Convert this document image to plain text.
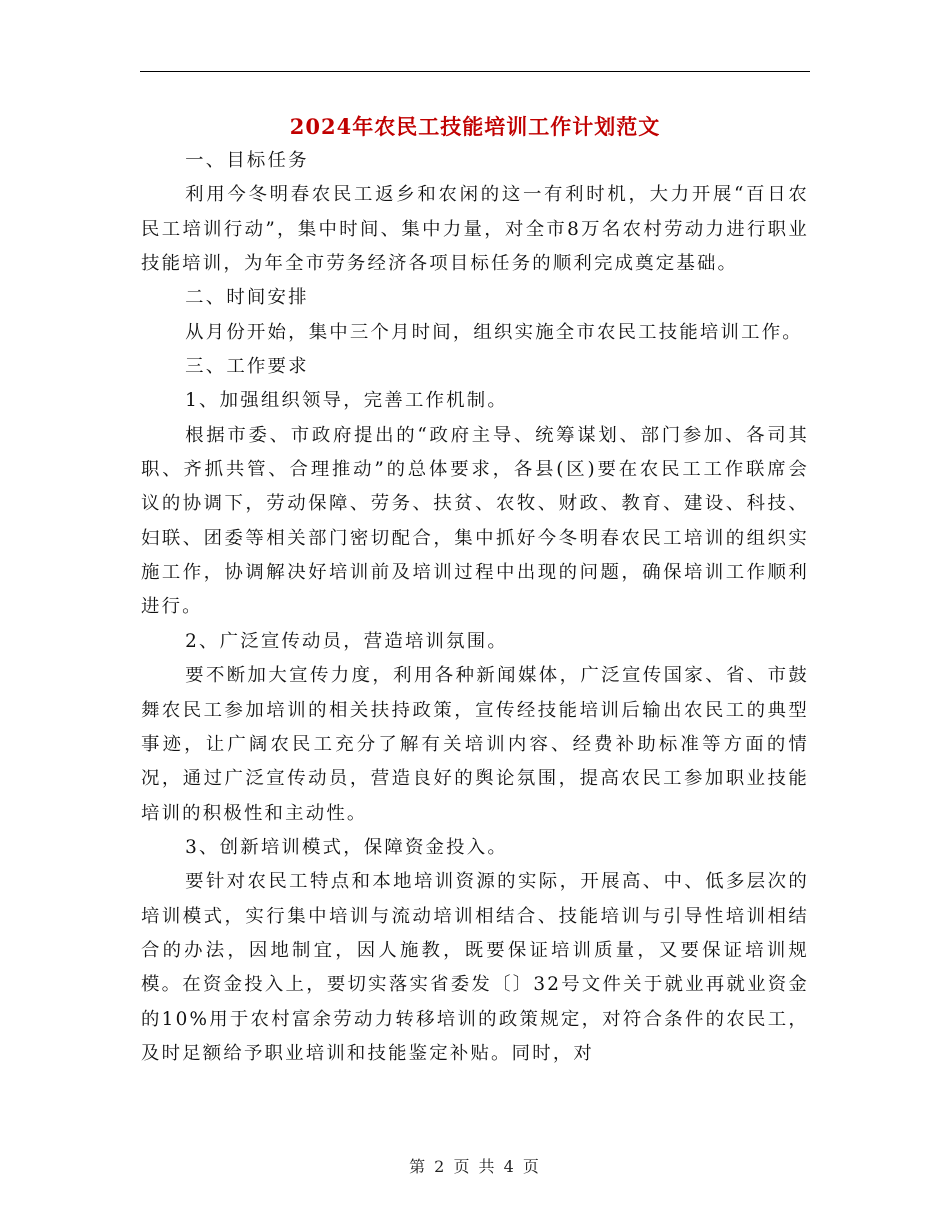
2024年农民工技能培训工作计划范文

一、目标任务

利用今冬明春农民工返乡和农闲的这一有利时机，大力开展“百日农民工培训行动”，集中时间、集中力量，对全市8万名农村劳动力进行职业技能培训，为年全市劳务经济各项目标任务的顺利完成奠定基础。

二、时间安排

从月份开始，集中三个月时间，组织实施全市农民工技能培训工作。

三、工作要求

1、加强组织领导，完善工作机制。

根据市委、市政府提出的“政府主导、统筹谋划、部门参加、各司其职、齐抓共管、合理推动”的总体要求，各县(区)要在农民工工作联席会议的协调下，劳动保障、劳务、扶贫、农牧、财政、教育、建设、科技、妇联、团委等相关部门密切配合，集中抓好今冬明春农民工培训的组织实施工作，协调解决好培训前及培训过程中出现的问题，确保培训工作顺利进行。

2、广泛宣传动员，营造培训氛围。

要不断加大宣传力度，利用各种新闻媒体，广泛宣传国家、省、市鼓舞农民工参加培训的相关扶持政策，宣传经技能培训后输出农民工的典型事迹，让广阔农民工充分了解有关培训内容、经费补助标准等方面的情况，通过广泛宣传动员，营造良好的舆论氛围，提高农民工参加职业技能培训的积极性和主动性。

3、创新培训模式，保障资金投入。

要针对农民工特点和本地培训资源的实际，开展高、中、低多层次的培训模式，实行集中培训与流动培训相结合、技能培训与引导性培训相结合的办法，因地制宜，因人施教，既要保证培训质量，又要保证培训规模。在资金投入上，要切实落实省委发〔〕32号文件关于就业再就业资金的10%用于农村富余劳动力转移培训的政策规定，对符合条件的农民工，及时足额给予职业培训和技能鉴定补贴。同时，对

第 2 页 共 4 页
